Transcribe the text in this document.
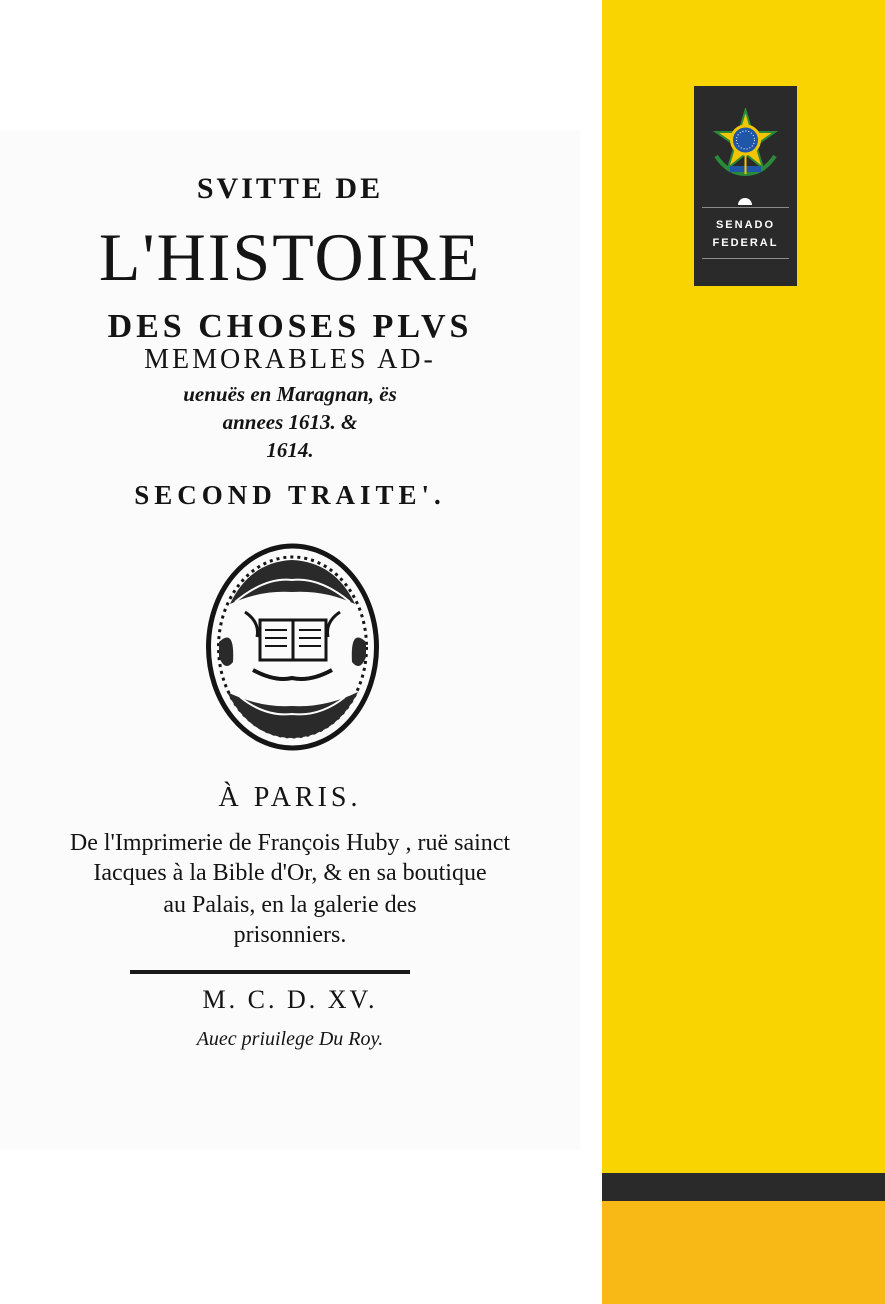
SVITTE DE
L'HISTOIRE
DES CHOSES PLVS
MEMORABLES AD-
uenuës en Maragnan, ës
annees 1613. &
1614.
SECOND TRAITE'.
À PARIS.
De l'Imprimerie de François Huby , ruë sainct
Iacques à la Bible d'Or, & en sa boutique
au Palais, en la galerie des
prisonniers.
M. C. D. XV.
Auec priuilege Du Roy.
SENADO
FEDERAL
